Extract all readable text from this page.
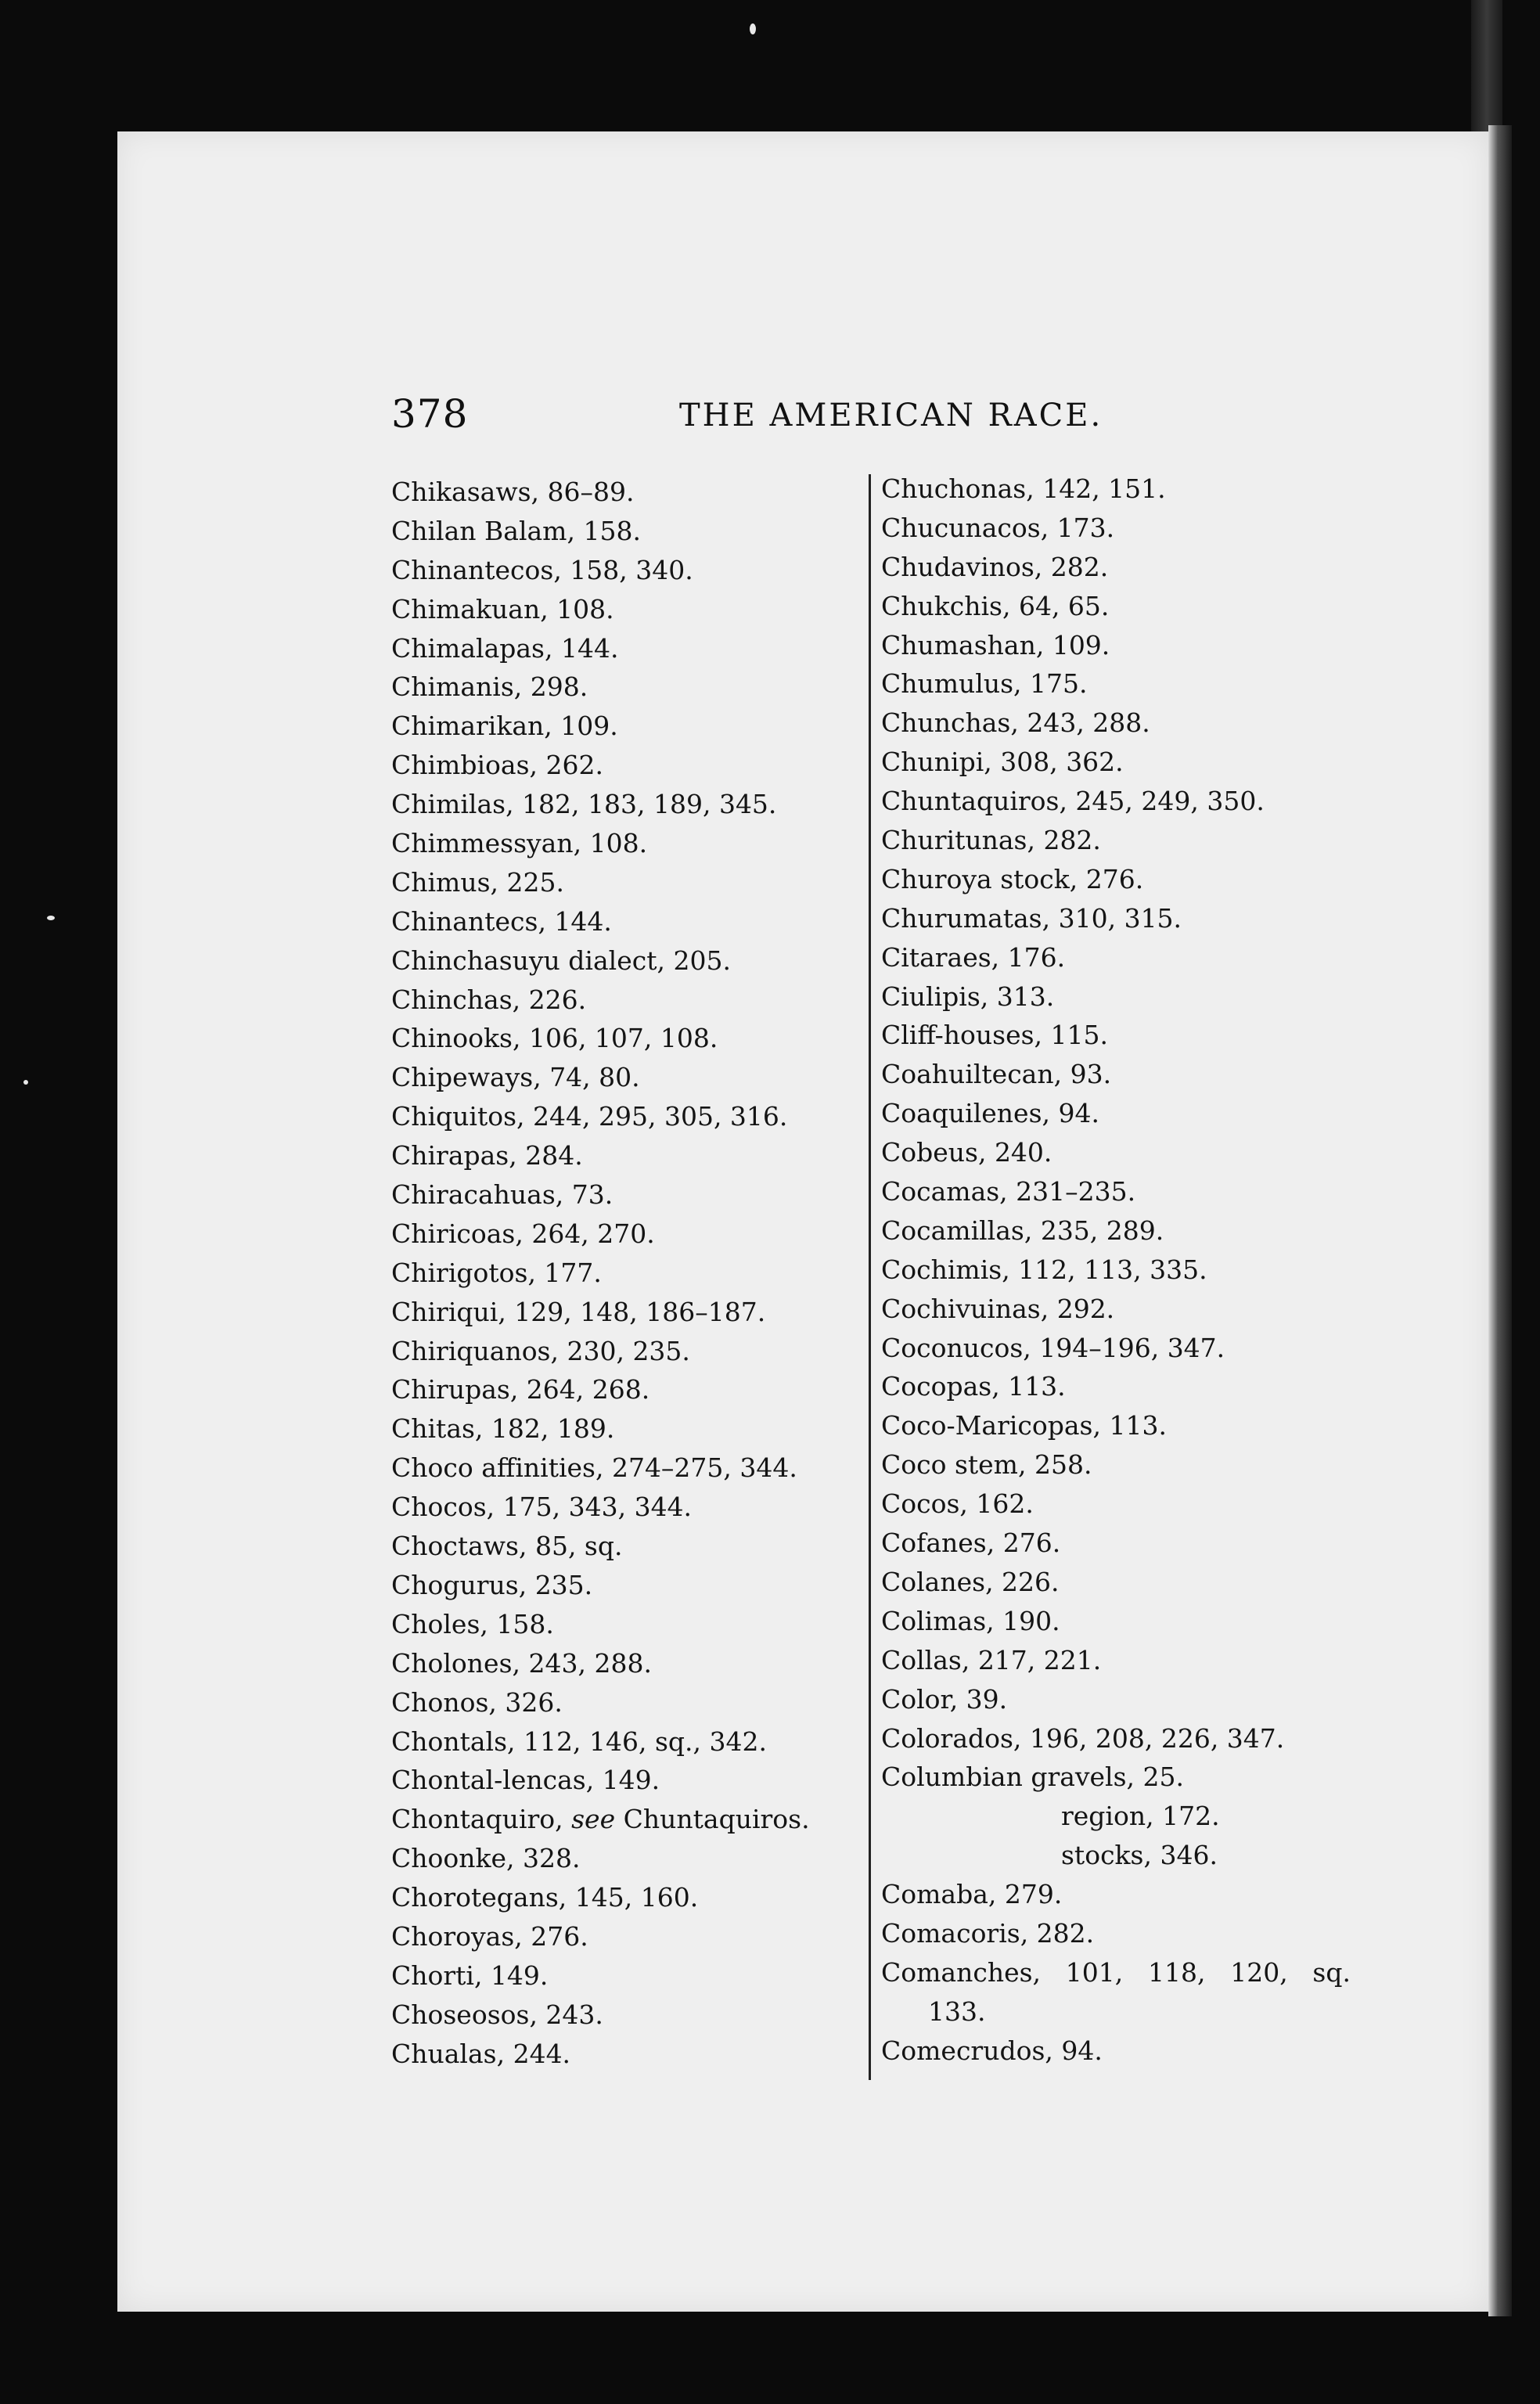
378	THE AMERICAN RACE.
Chikasaws, 86–89.
Chilan Balam, 158.
Chinantecos, 158, 340.
Chimakuan, 108.
Chimalapas, 144.
Chimanis, 298.
Chimarikan, 109.
Chimbioas, 262.
Chimilas, 182, 183, 189, 345.
Chimmessyan, 108.
Chimus, 225.
Chinantecs, 144.
Chinchasuyu dialect, 205.
Chinchas, 226.
Chinooks, 106, 107, 108.
Chipeways, 74, 80.
Chiquitos, 244, 295, 305, 316.
Chirapas, 284.
Chiracahuas, 73.
Chiricoas, 264, 270.
Chirigotos, 177.
Chiriqui, 129, 148, 186–187.
Chiriquanos, 230, 235.
Chirupas, 264, 268.
Chitas, 182, 189.
Choco affinities, 274–275, 344.
Chocos, 175, 343, 344.
Choctaws, 85, sq.
Chogurus, 235.
Choles, 158.
Cholones, 243, 288.
Chonos, 326.
Chontals, 112, 146, sq., 342.
Chontal-lencas, 149.
Chontaquiro, see Chuntaquiros.
Choonke, 328.
Chorotegans, 145, 160.
Choroyas, 276.
Chorti, 149.
Choseosos, 243.
Chualas, 244.
Chuchonas, 142, 151.
Chucunacos, 173.
Chudavinos, 282.
Chukchis, 64, 65.
Chumashan, 109.
Chumulus, 175.
Chunchas, 243, 288.
Chunipi, 308, 362.
Chuntaquiros, 245, 249, 350.
Churitunas, 282.
Churoya stock, 276.
Churumatas, 310, 315.
Citaraes, 176.
Ciulipis, 313.
Cliff-houses, 115.
Coahuiltecan, 93.
Coaquilenes, 94.
Cobeus, 240.
Cocamas, 231–235.
Cocamillas, 235, 289.
Cochimis, 112, 113, 335.
Cochivuinas, 292.
Coconucos, 194–196, 347.
Cocopas, 113.
Coco-Maricopas, 113.
Coco stem, 258.
Cocos, 162.
Cofanes, 276.
Colanes, 226.
Colimas, 190.
Collas, 217, 221.
Color, 39.
Colorados, 196, 208, 226, 347.
Columbian gravels, 25.
region, 172.
stocks, 346.
Comaba, 279.
Comacoris, 282.
Comanches, 101, 118, 120, sq.
133.
Comecrudos, 94.
